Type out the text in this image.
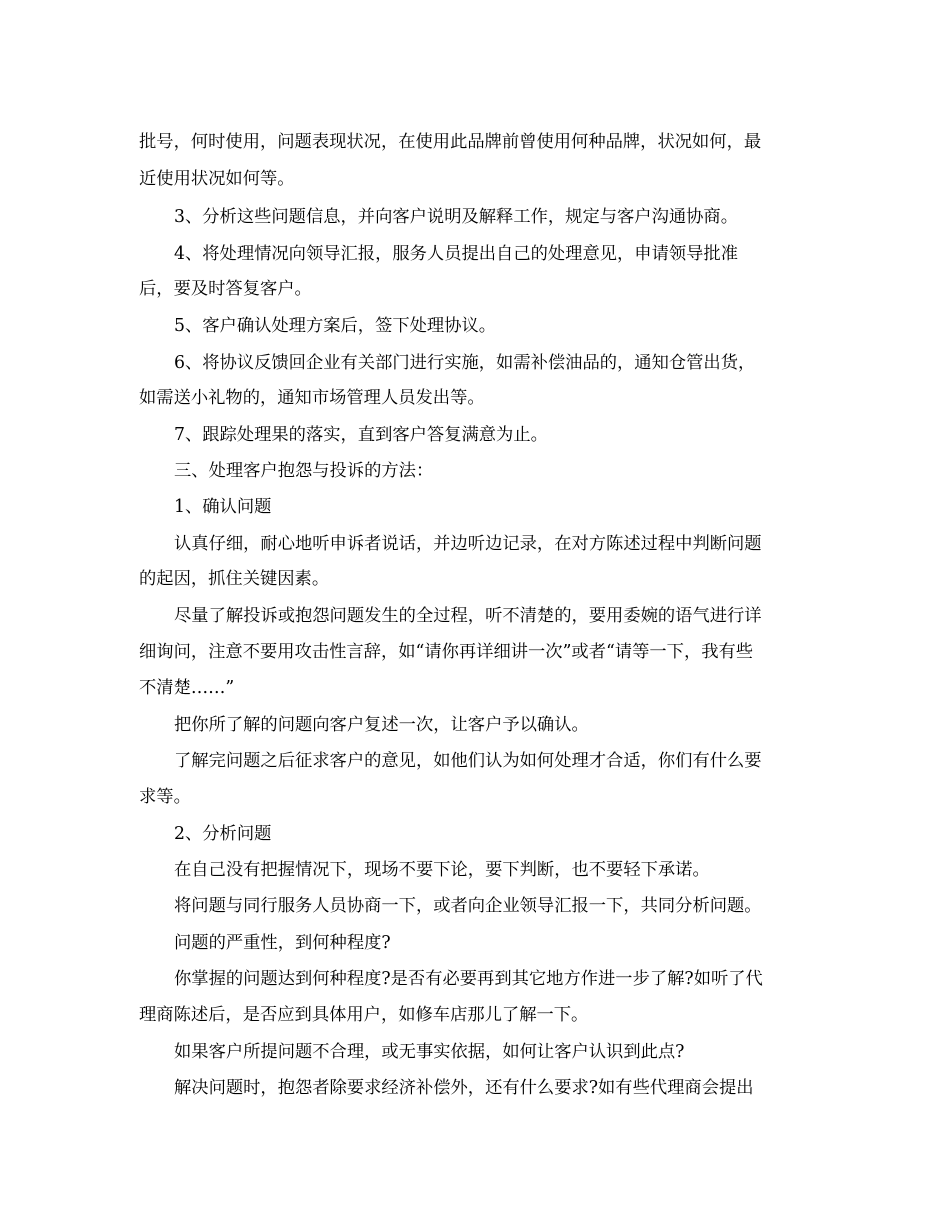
批号，何时使用，问题表现状况，在使用此品牌前曾使用何种品牌，状况如何，最
近使用状况如何等。
3、分析这些问题信息，并向客户说明及解释工作，规定与客户沟通协商。
4、将处理情况向领导汇报，服务人员提出自己的处理意见，申请领导批准
后，要及时答复客户。
5、客户确认处理方案后，签下处理协议。
6、将协议反馈回企业有关部门进行实施，如需补偿油品的，通知仓管出货，
如需送小礼物的，通知市场管理人员发出等。
7、跟踪处理果的落实，直到客户答复满意为止。
三、处理客户抱怨与投诉的方法：
1、确认问题
认真仔细，耐心地听申诉者说话，并边听边记录，在对方陈述过程中判断问题
的起因，抓住关键因素。
尽量了解投诉或抱怨问题发生的全过程，听不清楚的，要用委婉的语气进行详
细询问，注意不要用攻击性言辞，如“请你再详细讲一次”或者“请等一下，我有些
不清楚……”
把你所了解的问题向客户复述一次，让客户予以确认。
了解完问题之后征求客户的意见，如他们认为如何处理才合适，你们有什么要
求等。
2、分析问题
在自己没有把握情况下，现场不要下论，要下判断，也不要轻下承诺。
将问题与同行服务人员协商一下，或者向企业领导汇报一下，共同分析问题。
问题的严重性，到何种程度?
你掌握的问题达到何种程度?是否有必要再到其它地方作进一步了解?如听了代
理商陈述后，是否应到具体用户，如修车店那儿了解一下。
如果客户所提问题不合理，或无事实依据，如何让客户认识到此点?
解决问题时，抱怨者除要求经济补偿外，还有什么要求?如有些代理商会提出
